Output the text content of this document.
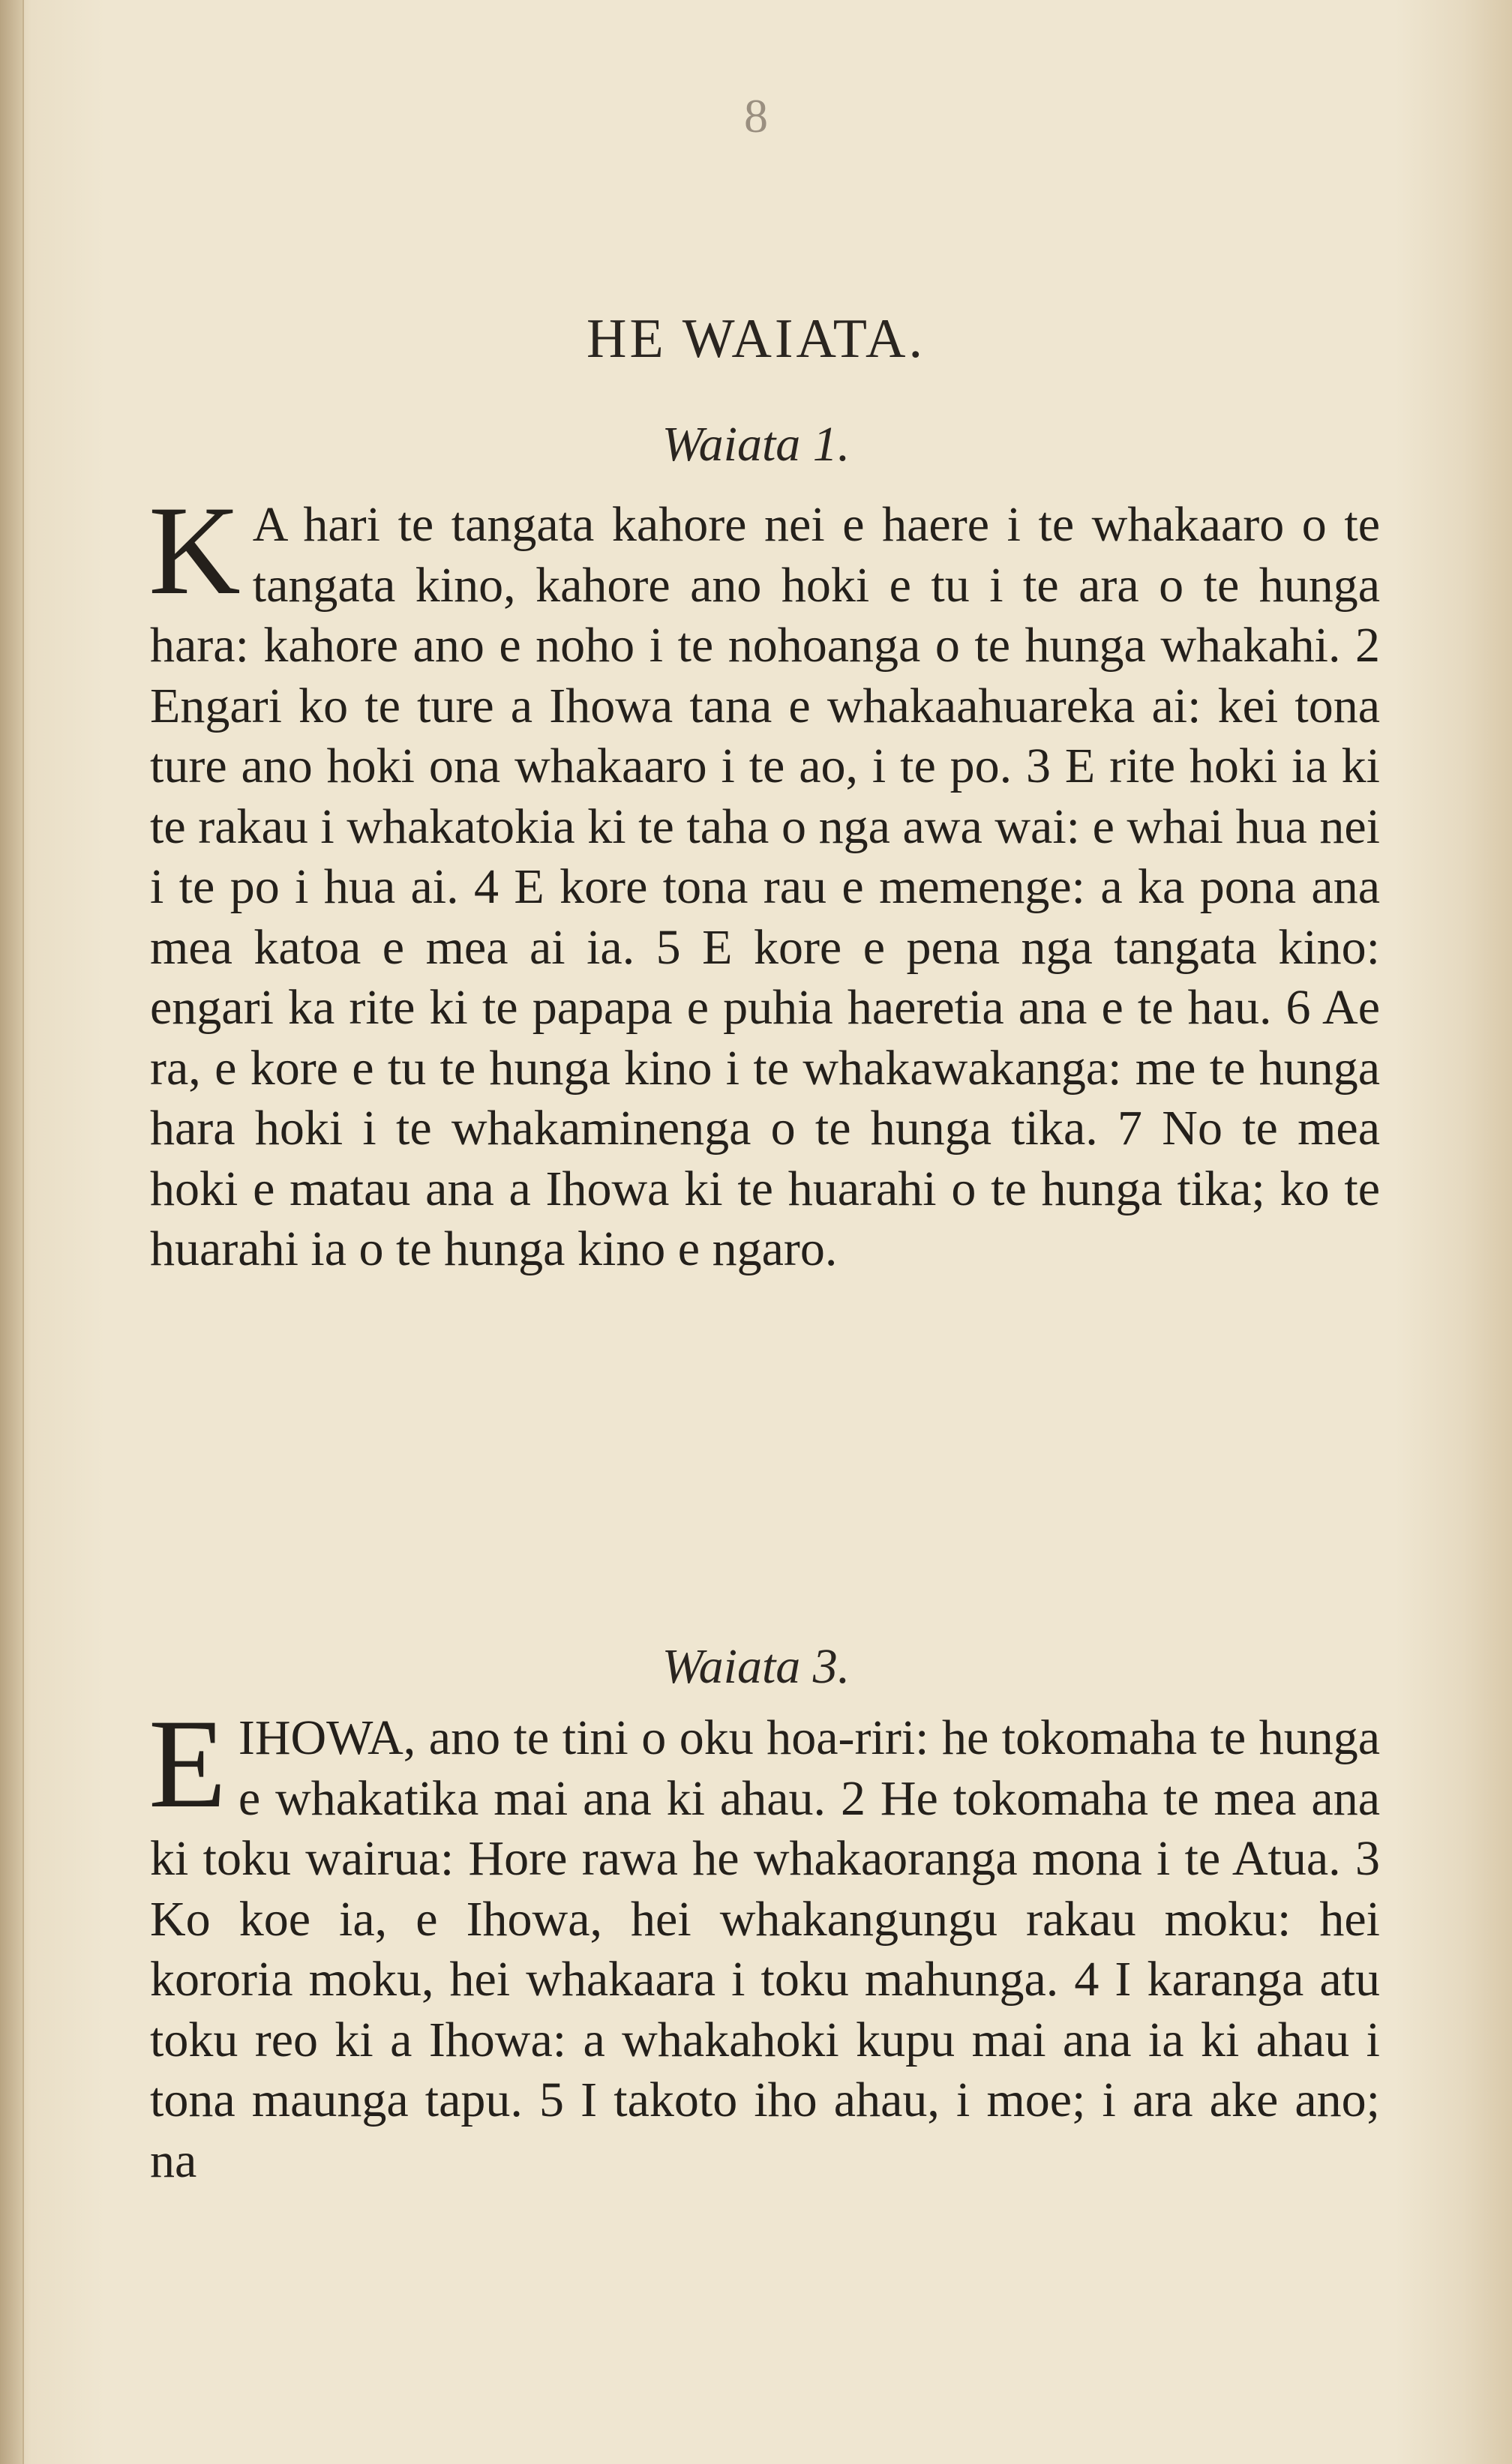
8
HE WAIATA.
Waiata 1.
K A hari te tangata kahore nei e haere i te whakaaro o te tangata kino, kahore ano hoki e tu i te ara o te hunga hara: kahore ano e noho i te nohoanga o te hunga whakahi. 2 Engari ko te ture a Ihowa tana e whakaahuareka ai: kei tona ture ano hoki ona whakaaro i te ao, i te po. 3 E rite hoki ia ki te rakau i whakatokia ki te taha o nga awa wai: e whai hua nei i te po i hua ai. 4 E kore tona rau e memenge: a ka pona ana mea katoa e mea ai ia. 5 E kore e pena nga tangata kino: engari ka rite ki te papapa e puhia haeretia ana e te hau. 6 Ae ra, e kore e tu te hunga kino i te whakawakanga: me te hunga hara hoki i te whakaminenga o te hunga tika. 7 No te mea hoki e matau ana a Ihowa ki te huarahi o te hunga tika; ko te huarahi ia o te hunga kino e ngaro.
Waiata 3.
EIHOWA, ano te tini o oku hoa-riri: he tokomaha te hunga e whakatika mai ana ki ahau. 2 He tokomaha te mea ana ki toku wairua: Hore rawa he whakaoranga mona i te Atua. 3 Ko koe ia, e Ihowa, hei whakangungu rakau moku: hei kororia moku, hei whakaara i toku mahunga. 4 I karanga atu toku reo ki a Ihowa: a whakahoki kupu mai ana ia ki ahau i tona maunga tapu. 5 I takoto iho ahau, i moe; i ara ake ano; na
